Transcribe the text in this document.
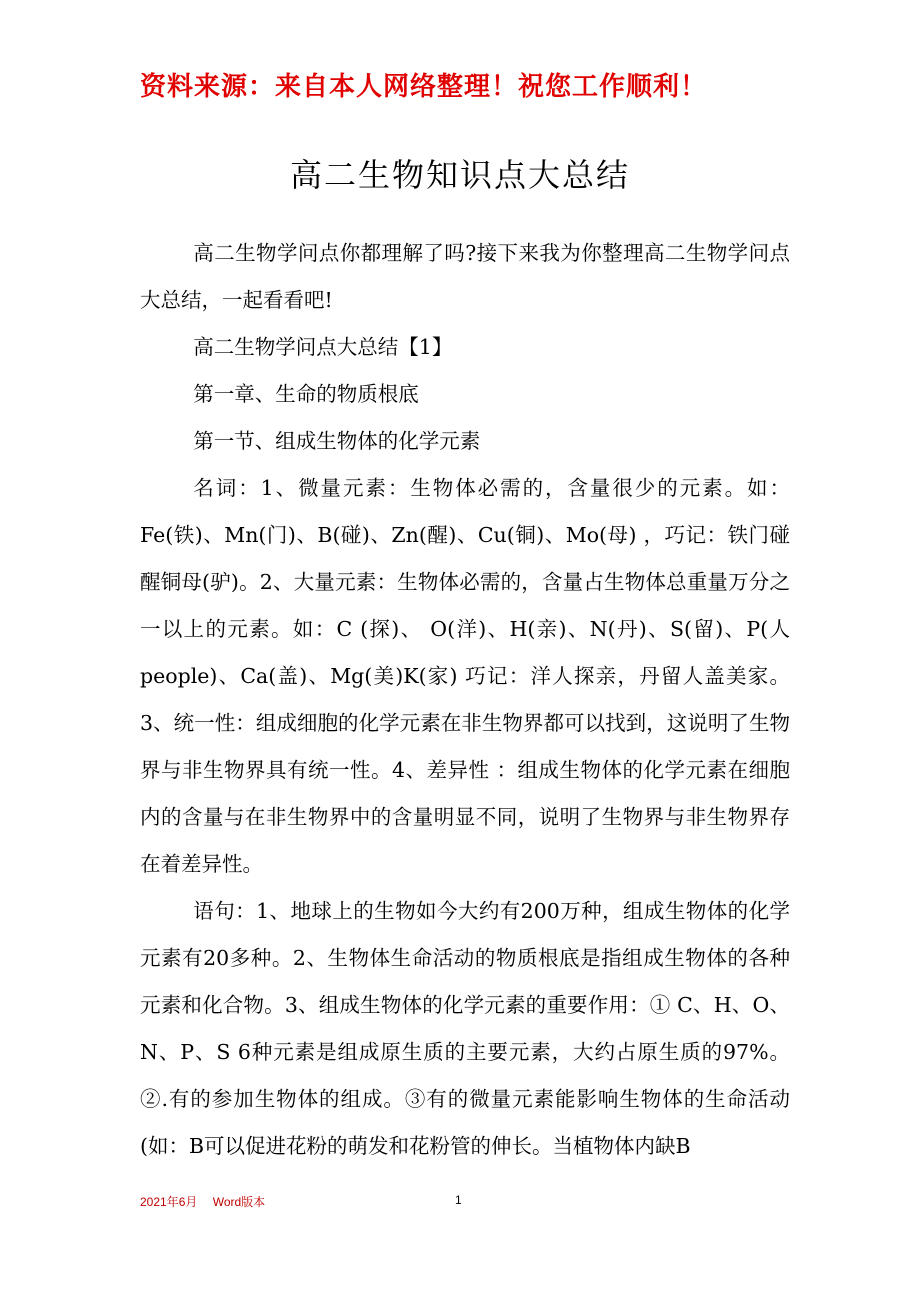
资料来源：来自本人网络整理！祝您工作顺利！
高二生物知识点大总结

高二生物学问点你都理解了吗?接下来我为你整理高二生物学问点大总结，一起看看吧!

高二生物学问点大总结【1】

第一章、生命的物质根底

第一节、组成生物体的化学元素

名词：1、微量元素：生物体必需的，含量很少的元素。如：Fe(铁)、Mn(门)、B(碰)、Zn(醒)、Cu(铜)、Mo(母) ，巧记：铁门碰醒铜母(驴)。2、大量元素：生物体必需的，含量占生物体总重量万分之一以上的元素。如：C (探)、 O(洋)、H(亲)、N(丹)、S(留)、P(人people)、Ca(盖)、Mg(美)K(家) 巧记：洋人探亲，丹留人盖美家。3、统一性：组成细胞的化学元素在非生物界都可以找到，这说明了生物界与非生物界具有统一性。4、差异性 ：组成生物体的化学元素在细胞内的含量与在非生物界中的含量明显不同，说明了生物界与非生物界存在着差异性。

语句：1、地球上的生物如今大约有200万种，组成生物体的化学元素有20多种。2、生物体生命活动的物质根底是指组成生物体的各种元素和化合物。3、组成生物体的化学元素的重要作用：① C、H、O、N、P、S 6种元素是组成原生质的主要元素，大约占原生质的97%。②.有的参加生物体的组成。③有的微量元素能影响生物体的生命活动(如：B可以促进花粉的萌发和花粉管的伸长。当植物体内缺B

2021年6月　 Word版本	1
